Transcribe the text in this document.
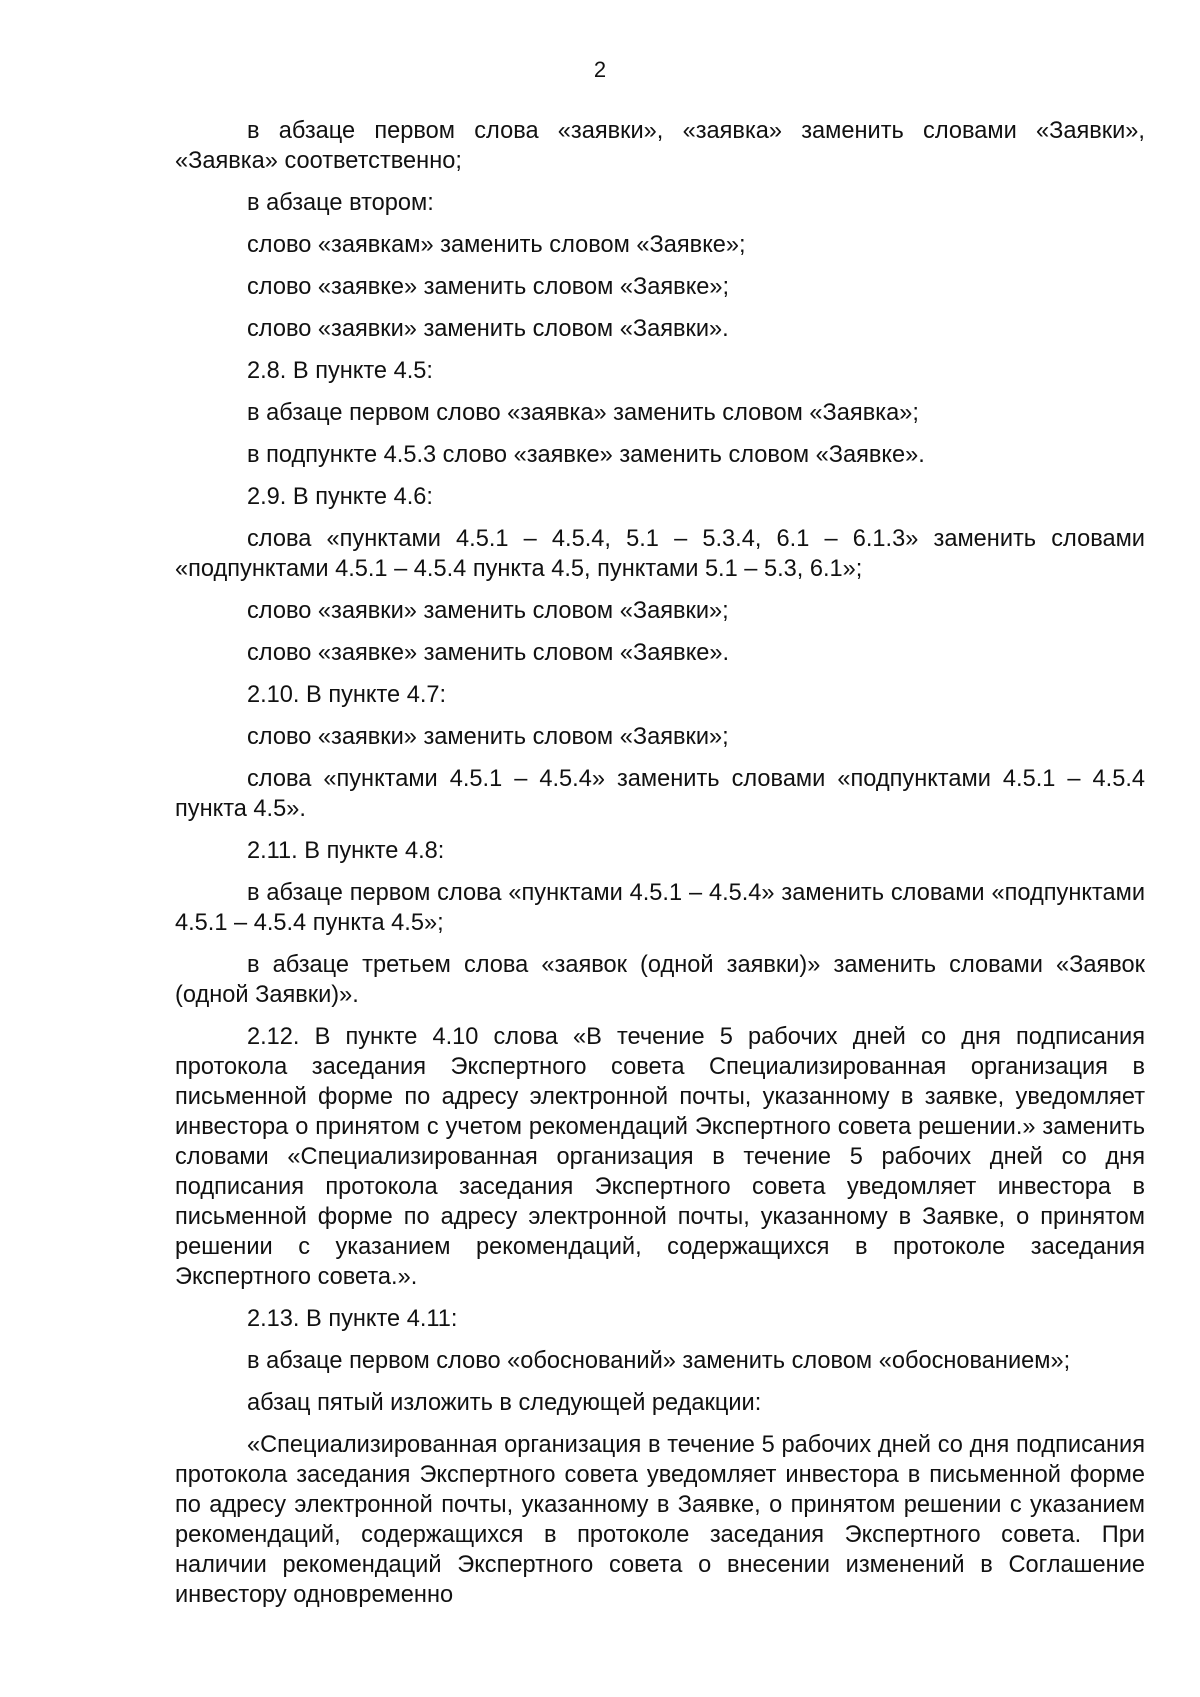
2

в абзаце первом слова «заявки», «заявка» заменить словами «Заявки», «Заявка» соответственно;

в абзаце втором:

слово «заявкам» заменить словом «Заявке»;

слово «заявке» заменить словом «Заявке»;

слово «заявки» заменить словом «Заявки».

2.8. В пункте 4.5:

в абзаце первом слово «заявка» заменить словом «Заявка»;

в подпункте 4.5.3 слово «заявке» заменить словом «Заявке».

2.9. В пункте 4.6:

слова «пунктами 4.5.1 – 4.5.4, 5.1 – 5.3.4, 6.1 – 6.1.3» заменить словами «подпунктами 4.5.1 – 4.5.4 пункта 4.5, пунктами 5.1 – 5.3, 6.1»;

слово «заявки» заменить словом «Заявки»;

слово «заявке» заменить словом «Заявке».

2.10. В пункте 4.7:

слово «заявки» заменить словом «Заявки»;

слова «пунктами 4.5.1 – 4.5.4» заменить словами «подпунктами 4.5.1 – 4.5.4 пункта 4.5».

2.11. В пункте 4.8:

в абзаце первом слова «пунктами 4.5.1 – 4.5.4» заменить словами «подпунктами 4.5.1 – 4.5.4 пункта 4.5»;

в абзаце третьем слова «заявок (одной заявки)» заменить словами «Заявок (одной Заявки)».

2.12. В пункте 4.10 слова «В течение 5 рабочих дней со дня подписания протокола заседания Экспертного совета Специализированная организация в письменной форме по адресу электронной почты, указанному в заявке, уведомляет инвестора о принятом с учетом рекомендаций Экспертного совета решении.» заменить словами «Специализированная организация в течение 5 рабочих дней со дня подписания протокола заседания Экспертного совета уведомляет инвестора в письменной форме по адресу электронной почты, указанному в Заявке, о принятом решении с указанием рекомендаций, содержащихся в протоколе заседания Экспертного совета.».

2.13. В пункте 4.11:

в абзаце первом слово «обоснований» заменить словом «обоснованием»;

абзац пятый изложить в следующей редакции:

«Специализированная организация в течение 5 рабочих дней со дня подписания протокола заседания Экспертного совета уведомляет инвестора в письменной форме по адресу электронной почты, указанному в Заявке, о принятом решении с указанием рекомендаций, содержащихся в протоколе заседания Экспертного совета. При наличии рекомендаций Экспертного совета о внесении изменений в Соглашение инвестору одновременно
